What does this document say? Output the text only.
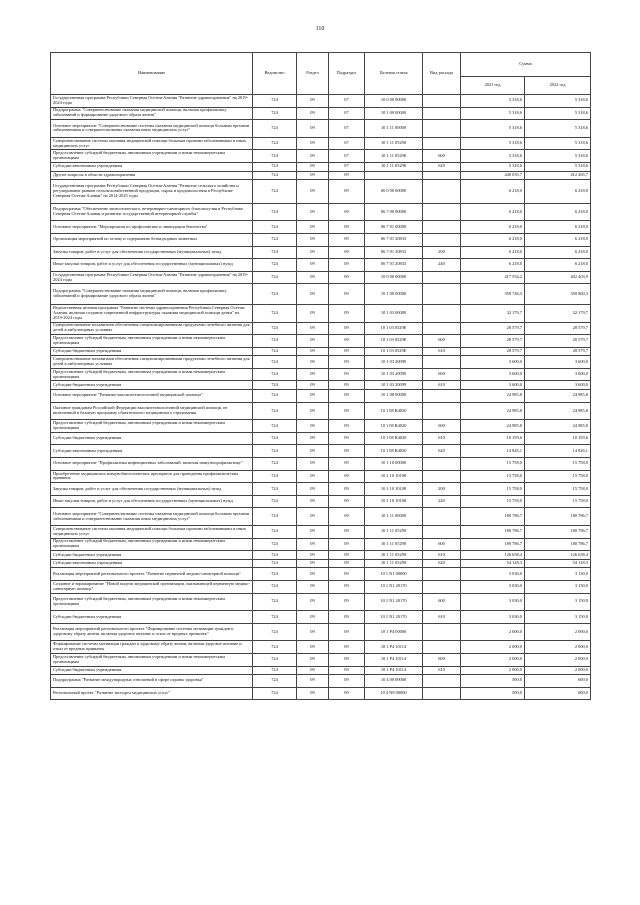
110
Наименование	Ведомство	Раздел	Подраздел	Целевая статья	Вид расхода	Сумма	
						2021 год	2022 год
Государственная программа Республики Северная Осетия-Алания "Развитие здравоохранения" на 2019-2024 годы	724	09	07	10 0 00 00000		5 318,6	5 318,6
Подпрограмма "Совершенствование оказания медицинской помощи, включая профилактику заболеваний и формирование здорового образа жизни"	724	09	07	10 1 00 00000		5 318,6	5 318,6
Основное мероприятие "Совершенствование системы оказания медицинской помощи больным прочими заболеваниями и совершенствование оказания иных медицинских услуг"	724	09	07	10 1 11 00000		5 318,6	5 318,6
Совершенствование системы оказания медицинской помощи больным прочими заболеваниями и иных медицинских услуг	724	09	07	10 1 11 05298		5 318,6	5 318,6
Предоставление субсидий бюджетным, автономным учреждениям и иным некоммерческим организациям	724	09	07	10 1 11 05298	600	5 318,6	5 318,6
Субсидии автономным учреждениям	724	09	07	10 1 11 05298	620	5 318,6	5 318,6
Другие вопросы в области здравоохранения	724	09	09			440 035,7	412 265,7
Государственная программа Республики Северная Осетия-Алания "Развитие сельского хозяйства и регулирование рынков сельскохозяйственной продукции, сырья и продовольствия в Республике Северная Осетия-Алания" на 2014-2025 годы	724	09	09	06 0 00 00000		6 218,0	6 218,0
Подпрограмма "Обеспечение эпизоотического, ветеринарно-санитарного благополучия в Республике Северная Осетия-Алания и развитие государственной ветеринарной службы"	724	09	09	06 7 00 00000		6 218,0	6 218,0
Основное мероприятие "Мероприятия по профилактике и ликвидации бешенства"	724	09	09	06 7 01 00000		6 218,0	6 218,0
Организация мероприятий по отлову и содержанию безнадзорных животных	724	09	09	06 7 01 20833		6 218,0	6 218,0
Закупка товаров, работ и услуг для обеспечения государственных (муниципальных) нужд	724	09	09	06 7 01 20833	200	6 218,0	6 218,0
Иные закупки товаров, работ и услуг для обеспечения государственных (муниципальных) нужд	724	09	09	06 7 01 20833	240	6 218,0	6 218,0
Государственная программа Республики Северная Осетия-Алания "Развитие здравоохранения" на 2019-2024 годы	724	09	09	10 0 00 00000		417 554,2	402 403,9
Подпрограмма "Совершенствование оказания медицинской помощи, включая профилактику заболеваний и формирование здорового образа жизни"	724	09	09	10 1 00 00000		358 746,3	358 860,3
Ведомственная целевая программа "Развитие системы здравоохранения Республики Северная Осетия-Алания, включая создание современной инфраструктуры оказания медицинской помощи детям" на 2019-2024 годы	724	09	09	10 1 03 00000		32 179,7	32 179,7
Совершенствование механизмов обеспечения специализированными продуктами лечебного питания для детей в амбулаторных условиях	724	09	09	10 1 03 0529Е		28 579,7	28 579,7
Предоставление субсидий бюджетным, автономным учреждениям и иным некоммерческим организациям	724	09	09	10 1 03 0529Е	600	28 579,7	28 579,7
Субсидии бюджетным учреждениям	724	09	09	10 1 03 0529Е	610	28 579,7	28 579,7
Совершенствование механизмов обеспечения специализированными продуктами лечебного питания для детей в амбулаторных условиях	724	09	09	10 1 03 20099		3 600,0	3 600,0
Предоставление субсидий бюджетным, автономным учреждениям и иным некоммерческим организациям	724	09	09	10 1 03 20099	600	3 600,0	3 600,0
Субсидии бюджетным учреждениям	724	09	09	10 1 03 20099	610	3 600,0	3 600,0
Основное мероприятие "Развитие высокотехнологичной медицинской помощи"	724	09	09	10 1 08 00000		24 985,8	24 985,8
Оказание гражданам Российской Федерации высокотехнологичной медицинской помощи, не включенной в базовую программу обязательного медицинского страхования	724	09	09	10 1 08 R4020		24 985,8	24 985,8
Предоставление субсидий бюджетным, автономным учреждениям и иным некоммерческим организациям	724	09	09	10 1 08 R4020	600	24 985,8	24 985,8
Субсидии бюджетным учреждениям	724	09	09	10 1 08 R4020	610	10 159,6	10 159,6
Субсидии автономным учреждениям	724	09	09	10 1 08 R4020	620	14 826,1	14 826,1
Основное мероприятие "Профилактика инфекционных заболеваний, включая иммунопрофилактику"	724	09	09	10 1 10 00000		15 758,0	15 758,0
Приобретение медицинских иммунобиологических препаратов для проведения профилактических прививок	724	09	09	10 1 10 10108		15 758,0	15 758,0
Закупка товаров, работ и услуг для обеспечения государственных (муниципальных) нужд	724	09	09	10 1 10 10108	200	15 758,0	15 758,0
Иные закупки товаров, работ и услуг для обеспечения государственных (муниципальных) нужд	724	09	09	10 1 10 10108	240	15 758,0	15 758,0
Основное мероприятие "Совершенствование системы оказания медицинской помощи больным прочими заболеваниями и совершенствование оказания иных медицинских услуг"	724	09	09	10 1 11 00000		180 786,7	180 786,7
Совершенствование системы оказания медицинской помощи больным прочими заболеваниями и иных медицинских услуг	724	09	09	10 1 11 05298		180 786,7	180 786,7
Предоставление субсидий бюджетным, автономным учреждениям и иным некоммерческим организациям	724	09	09	10 1 11 05298	600	180 786,7	180 786,7
Субсидии бюджетным учреждениям	724	09	09	10 1 11 05298	610	126 658,4	126 658,4
Субсидии автономным учреждениям	724	09	09	10 1 11 05298	620	54 128,3	54 128,3
Реализация мероприятий регионального проекта "Развитие первичной медико-санитарной помощи"	724	09	09	10 1 N1 00000		3 030,0	3 150,0
Создание и тиражирование "Новой модели медицинской организации, оказывающей первичную медико-санитарную помощь"	724	09	09	10 1 N1 20170		3 030,0	3 150,0
Предоставление субсидий бюджетным, автономным учреждениям и иным некоммерческим организациям	724	09	09	10 1 N1 20170	600	3 030,0	3 150,0
Субсидии бюджетным учреждениям	724	09	09	10 1 N1 20170	610	3 030,0	3 150,0
Реализация мероприятий регионального проекта "Формирование системы мотивации граждан к здоровому образу жизни, включая здоровое питание и отказ от вредных привычек"	724	09	09	10 1 P4 00000		2 000,0	2 000,0
Формирование системы мотивации граждан к здоровому образу жизни, включая здоровое питание и отказ от вредных привычек	724	09	09	10 1 P4 10114		2 000,0	2 000,0
Предоставление субсидий бюджетным, автономным учреждениям и иным некоммерческим организациям	724	09	09	10 1 P4 10114	600	2 000,0	2 000,0
Субсидии бюджетным учреждениям	724	09	09	10 1 P4 10114	610	2 000,0	2 000,0
Подпрограмма "Развитие международных отношений в сфере охраны здоровья"	724	09	09	10 4 00 00000		500,0	600,0
Региональный проект "Развитие экспорта медицинских услуг"	724	09	09	10 4 N8 00000		500,0	600,0
